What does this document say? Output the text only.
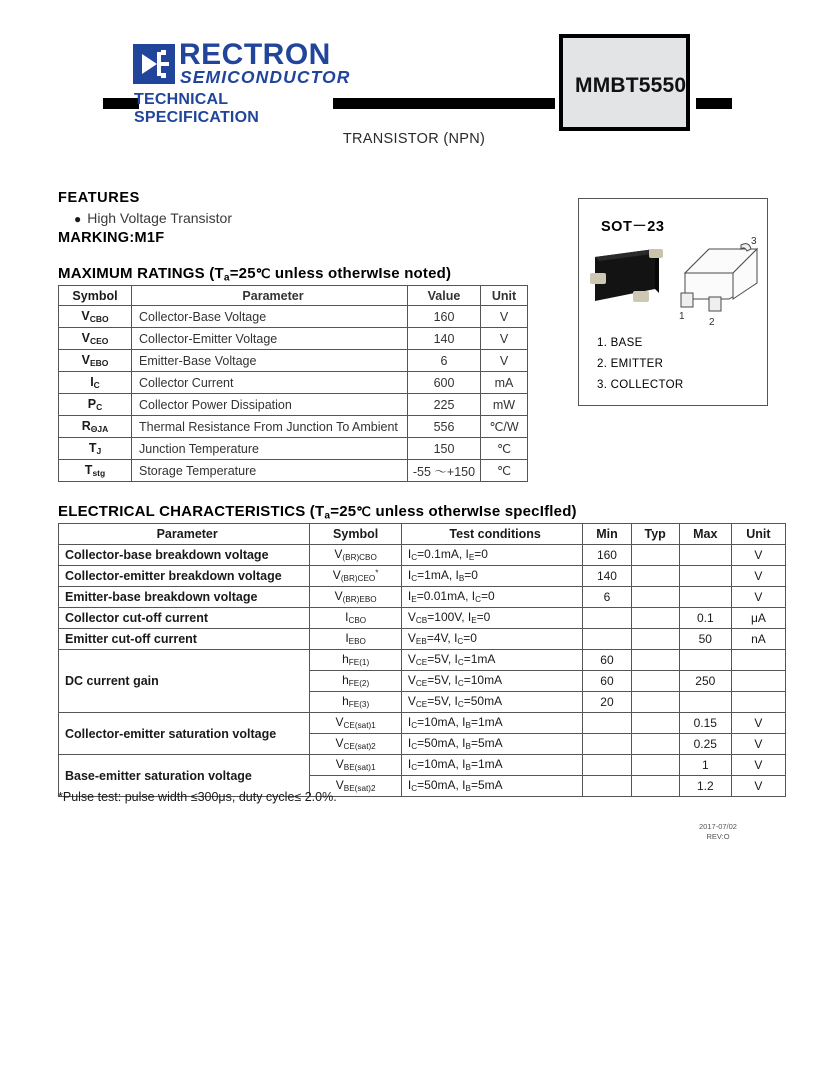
RECTRON
SEMICONDUCTOR
TECHNICAL SPECIFICATION
MMBT5550
TRANSISTOR (NPN)
FEATURES
● High Voltage Transistor
MARKING:M1F
MAXIMUM RATINGS ($T_a=25℃$ unless otherwIse noted)
Symbol	Parameter	Value	Unit
$V_{CBO}$	Collector-Base Voltage	160	V
$V_{CEO}$	Collector-Emitter Voltage	140	V
$V_{EBO}$	Emitter-Base Voltage	6	V
$I_C$	Collector Current	600	mA
$P_C$	Collector Power Dissipation	225	mW
$R_{\Theta JA}$	Thermal Resistance From Junction To Ambient	556	℃/W
$T_J$	Junction Temperature	150	℃
$T_{stg}$	Storage Temperature	-55 ～+150	℃
SOT－23
3
1
2
1. BASE
2. EMITTER
3. COLLECTOR
ELECTRICAL CHARACTERISTICS ($T_a=25℃$ unless otherwIse specIfled)
Parameter	Symbol	Test conditions	Min	Typ	Max	Unit
Collector-base breakdown voltage	$V_{(BR)CBO}$	$I_C=0.1mA$, $I_E=0$	160			V
Collector-emitter breakdown voltage	$V_{(BR)CEO}^*$	$I_C=1mA$, $I_B=0$	140			V
Emitter-base breakdown voltage	$V_{(BR)EBO}$	$I_E=0.01mA$, $I_C=0$	6			V
Collector cut-off current	$I_{CBO}$	$V_{CB}=100V$, $I_E=0$			0.1	μA
Emitter cut-off current	$I_{EBO}$	$V_{EB}=4V$, $I_C=0$			50	nA
DC current gain	$h_{FE(1)}$	$V_{CE}=5V$, $I_C=1mA$	60			
	$h_{FE(2)}$	$V_{CE}=5V$, $I_C=10mA$	60		250	
	$h_{FE(3)}$	$V_{CE}=5V$, $I_C=50mA$	20			
Collector-emitter saturation voltage	$V_{CE(sat)1}$	$I_C=10mA$, $I_B=1mA$			0.15	V
	$V_{CE(sat)2}$	$I_C=50mA$, $I_B=5mA$			0.25	V
Base-emitter saturation voltage	$V_{BE(sat)1}$	$I_C=10mA$, $I_B=1mA$			1	V
	$V_{BE(sat)2}$	$I_C=50mA$, $I_B=5mA$			1.2	V
*Pulse test: pulse width ≤300μs, duty cycle≤ 2.0%.
2017-07/02
REV:O
